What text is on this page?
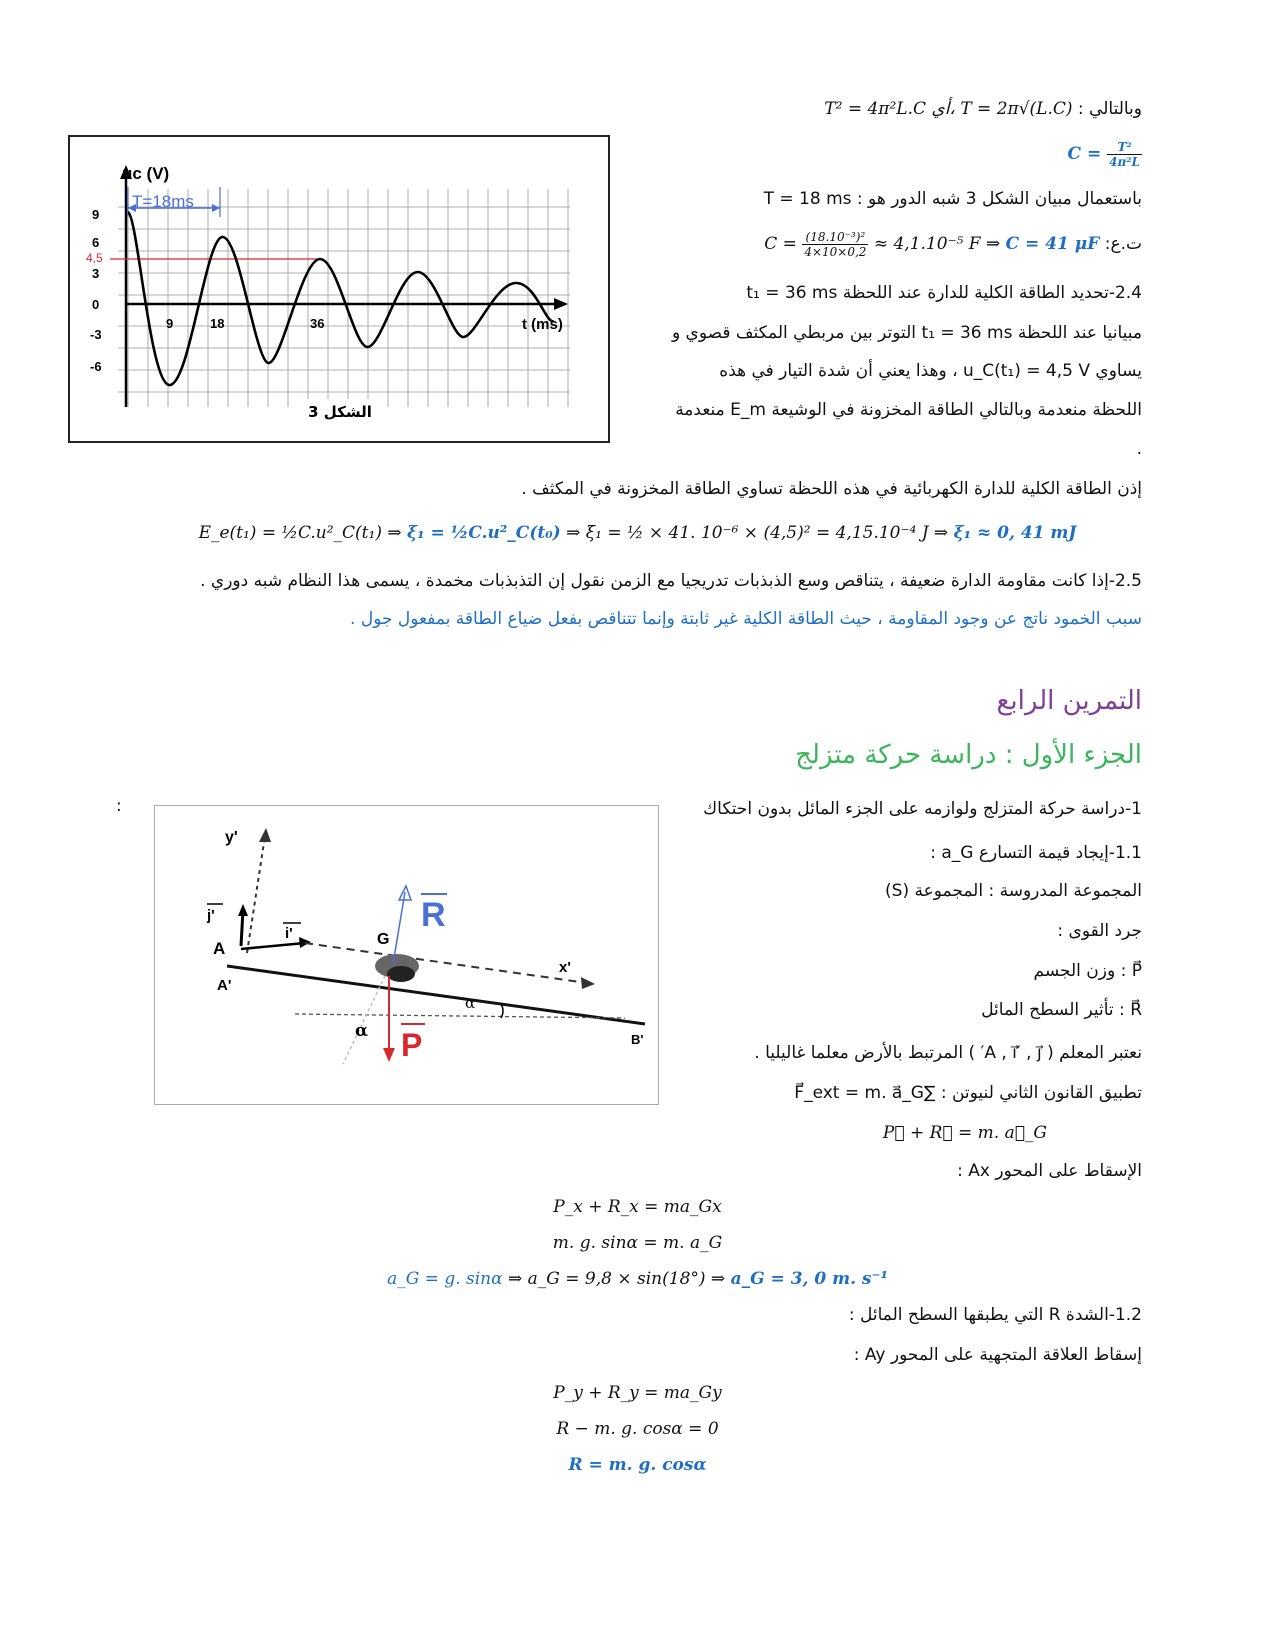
وبالتالي : T² = 4π²L.C أي، T = 2π√(L.C)
$C = \frac{\text{T²}}{\text{4π²L}}$
باستعمال مبيان الشكل 3 شبه الدور هو : T = 18 ms
ت.ع: $C = \frac{\text{(18.10⁻³)²}}{4\times 10\times 0,2} \approx 4,1.10^{-5}$ F ⇒ C = 41 μF
2.4-تحديد الطاقة الكلية للدارة عند اللحظة t₁ = 36 ms
مبيانيا عند اللحظة t₁ = 36 ms التوتر بين مربطي المكثف قصوي و
يساوي u_C(t₁) = 4,5 V ، وهذا يعني أن شدة التيار في هذه
اللحظة منعدمة وبالتالي الطاقة المخزونة في الوشيعة E_m منعدمة
.
إذن الطاقة الكلية للدارة الكهربائية في هذه اللحظة تساوي الطاقة المخزونة في المكثف .
E_e(t₁) = ½C.u²_C(t₁) ⇒ ξ₁ = ½C.u²_C(t₀) ⇒ ξ₁ = ½ × 41. 10⁻⁶ × (4,5)² = 4,15.10⁻⁴ J ⇒ ξ₁ ≈ 0, 41 mJ
2.5-إذا كانت مقاومة الدارة ضعيفة ، يتناقص وسع الذبذبات تدريجيا مع الزمن نقول إن التذبذبات مخمدة ، يسمى هذا النظام شبه دوري .
سبب الخمود ناتج عن وجود المقاومة ، حيث الطاقة الكلية غير ثابتة وإنما تتناقص بفعل ضياع الطاقة بمفعول جول .
uc (V)
T=18ms
t (ms)
9
6
4,5
3
0
-3
-6
9	18	36
الشكل 3
التمرين الرابع
الجزء الأول : دراسة حركة متزلج
1-دراسة حركة المتزلج ولوازمه على الجزء المائل بدون احتكاك
:
1.1-إيجاد قيمة التسارع a_G :
المجموعة المدروسة : المجموعة (S)
جرد القوى :
P⃗ : وزن الجسم
R⃗ : تأثير السطح المائل
نعتبر المعلم ( A , i⃗′ , j⃗′ ) المرتبط بالأرض معلما غاليليا .
تطبيق القانون الثاني لنيوتن : ∑F⃗_ext = m. a⃗_G
P⃗ + R⃗ = m. a⃗_G
الإسقاط على المحور Ax :
P_x + R_x = ma_Gx
m. g. sinα = m. a_G
a_G = g. sinα ⇒ a_G = 9,8 × sin(18°) ⇒ a_G = 3, 0 m. s⁻¹
1.2-الشدة R التي يطبقها السطح المائل :
إسقاط العلاقة المتجهية على المحور Ay :
P_y + R_y = ma_Gy
R − m. g. cosα = 0
R = m. g. cosα
y'
j'
i'
A
A'
G
x'
R
P
α
α
B'
